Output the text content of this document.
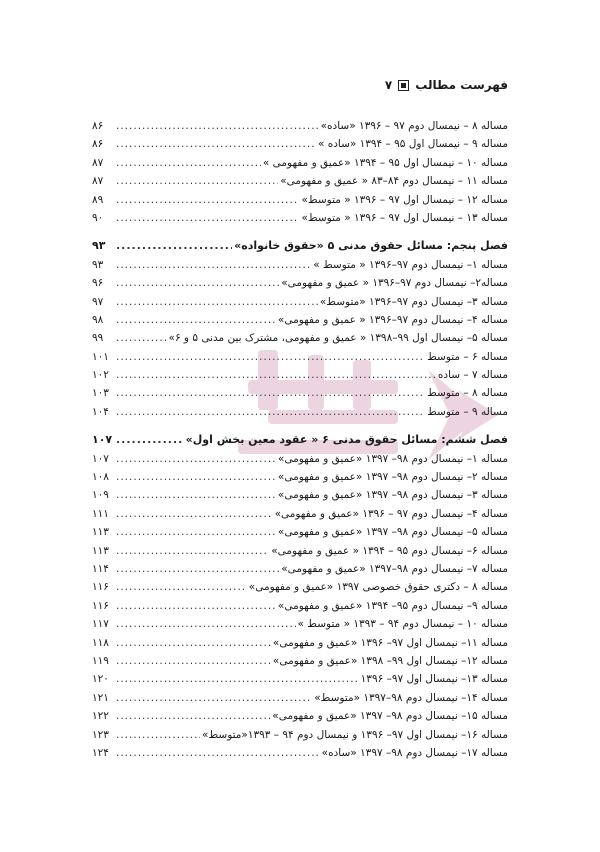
فهرست مطالب
۷
مساله ۸ – نیمسال دوم ۹۷ – ۱۳۹۶ «ساده»
.....
۸۶
مساله ۹ – نیمسال اول ۹۵ – ۱۳۹۴ «ساده »
.....
۸۶
مساله ۱۰ – نیمسال اول ۹۵ – ۱۳۹۴ «عمیق و مفهومی »
.....
۸۷
مساله ۱۱ – نیمسال دوم ۸۴–۸۳ « عمیق و مفهومی»
.....
۸۷
مساله ۱۲ – نیمسال اول ۹۷ – ۱۳۹۶ « متوسط»
.....
۸۹
مساله ۱۳ – نیمسال اول ۹۷ – ۱۳۹۶ « متوسط»
.....
۹۰
فصل پنجم: مسائل حقوق مدنی ۵ «حقوق خانواده»
.....
۹۳
مساله ۱– نیمسال دوم ۹۷–۱۳۹۶ « متوسط »
.....
۹۳
مساله۲– نیمسال دوم ۹۷–۱۳۹۶ « عمیق و مفهومی»
.....
۹۶
مساله ۳– نیمسال دوم ۹۷–۱۳۹۶ «متوسط»
.....
۹۷
مساله ۴– نیمسال دوم ۹۷–۱۳۹۶ « عمیق و مفهومی»
.....
۹۸
مساله ۵– نیمسال اول ۹۹–۱۳۹۸ « عمیق و مفهومی، مشترک بین مدنی ۵ و ۶»
.....
۹۹
مساله ۶ – متوسط
.....
۱۰۱
مساله ۷ – ساده
.....
۱۰۲
مساله ۸ – متوسط
.....
۱۰۳
مساله ۹ – متوسط
.....
۱۰۴
فصل ششم: مسائل حقوق مدنی ۶ « عقود معین بخش اول»
.....
۱۰۷
مساله ۱– نیمسال دوم ۹۸– ۱۳۹۷ «عمیق و مفهومی»
.....
۱۰۷
مساله ۲– نیمسال دوم ۹۸– ۱۳۹۷ «عمیق و مفهومی»
.....
۱۰۸
مساله ۳– نیمسال دوم ۹۸– ۱۳۹۷ «عمیق و مفهومی»
.....
۱۰۹
مساله ۴– نیمسال دوم ۹۷ – ۱۳۹۶ «عمیق و مفهومی»
.....
۱۱۱
مساله ۵– نیمسال دوم ۹۸– ۱۳۹۷ «عمیق و مفهومی»
.....
۱۱۳
مساله ۶– نیمسال دوم ۹۵ – ۱۳۹۴ « عمیق و مفهومی»
.....
۱۱۳
مساله ۷– نیمسال دوم ۹۸–۱۳۹۷ «عمیق و مفهومی»
.....
۱۱۴
مساله ۸ – دکتری حقوق خصوصی ۱۳۹۷ «عمیق و مفهومی»
.....
۱۱۶
مساله ۹– نیمسال دوم ۹۵– ۱۳۹۴ «عمیق و مفهومی»
.....
۱۱۶
مساله ۱۰ – نیمسال دوم ۹۴ – ۱۳۹۳ « متوسط »
.....
۱۱۷
مساله ۱۱– نیمسال اول ۹۷– ۱۳۹۶ «عمیق و مفهومی»
.....
۱۱۸
مساله ۱۲– نیمسال اول ۹۹– ۱۳۹۸ «عمیق و مفهومی»
.....
۱۱۹
مساله ۱۳– نیمسال اول ۹۷– ۱۳۹۶
.....
۱۲۰
مساله ۱۴– نیمسال دوم ۹۸–۱۳۹۷ «متوسط»
.....
۱۲۱
مساله ۱۵– نیمسال دوم ۹۸– ۱۳۹۷ «عمیق و مفهومی»
.....
۱۲۲
مساله ۱۶– نیمسال اول ۹۷– ۱۳۹۶ و نیمسال دوم ۹۴ – ۱۳۹۳«متوسط»
.....
۱۲۳
مساله ۱۷– نیمسال دوم ۹۸– ۱۳۹۷ «ساده»
.....
۱۲۴
